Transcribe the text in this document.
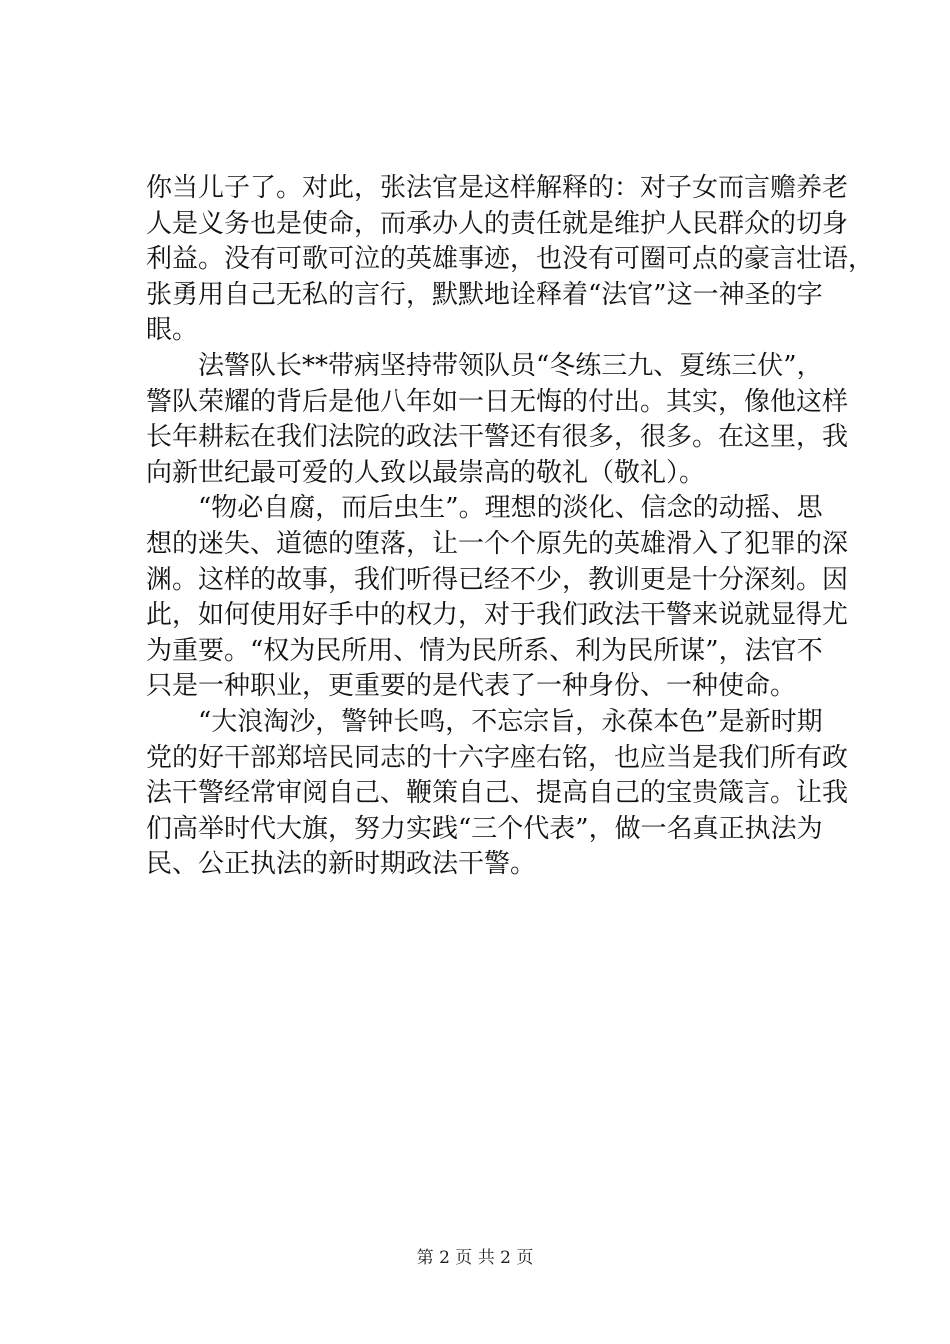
你当儿子了。对此，张法官是这样解释的：对子女而言赡养老
人是义务也是使命，而承办人的责任就是维护人民群众的切身
利益。没有可歌可泣的英雄事迹，也没有可圈可点的豪言壮语，
张勇用自己无私的言行，默默地诠释着“法官”这一神圣的字
眼。
　　法警队长**带病坚持带领队员“冬练三九、夏练三伏”，
警队荣耀的背后是他八年如一日无悔的付出。其实，像他这样
长年耕耘在我们法院的政法干警还有很多，很多。在这里，我
向新世纪最可爱的人致以最崇高的敬礼（敬礼）。
　　“物必自腐，而后虫生”。理想的淡化、信念的动摇、思
想的迷失、道德的堕落，让一个个原先的英雄滑入了犯罪的深
渊。这样的故事，我们听得已经不少，教训更是十分深刻。因
此，如何使用好手中的权力，对于我们政法干警来说就显得尤
为重要。“权为民所用、情为民所系、利为民所谋”，法官不
只是一种职业，更重要的是代表了一种身份、一种使命。
　　“大浪淘沙，警钟长鸣，不忘宗旨，永葆本色”是新时期
党的好干部郑培民同志的十六字座右铭，也应当是我们所有政
法干警经常审阅自己、鞭策自己、提高自己的宝贵箴言。让我
们高举时代大旗，努力实践“三个代表”，做一名真正执法为
民、公正执法的新时期政法干警。
第 2 页 共 2 页
